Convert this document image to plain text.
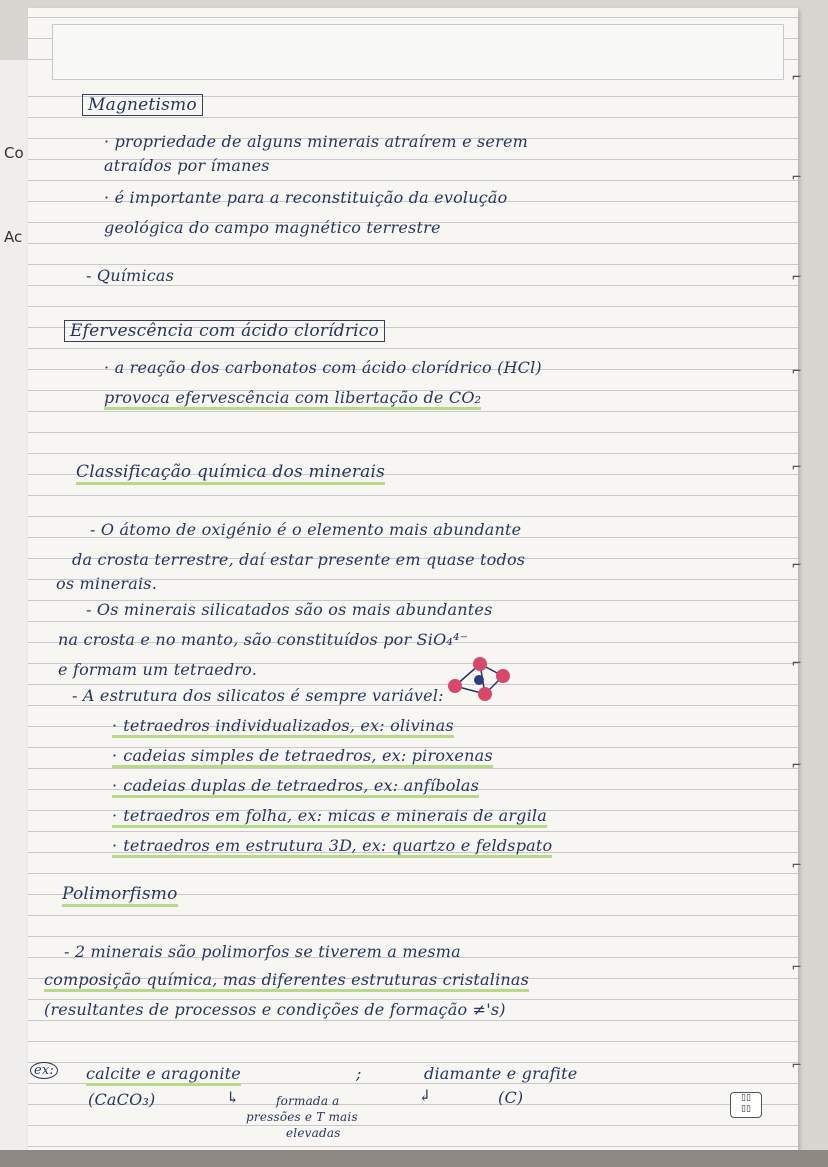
Co
Ac
⌐
⌐
⌐
⌐
⌐
⌐
⌐
⌐
⌐
⌐
⌐
Magnetismo
· propriedade de alguns minerais atraírem e serem
atraídos por ímanes
· é importante para a reconstituição da evolução
geológica do campo magnético terrestre
- Químicas
Efervescência com ácido clorídrico
· a reação dos carbonatos com ácido clorídrico (HCl)
provoca efervescência com libertação de CO₂
Classificação química dos minerais
- O átomo de oxigénio é o elemento mais abundante
da crosta terrestre, daí estar presente em quase todos
os minerais.
- Os minerais silicatados são os mais abundantes
na crosta e no manto, são constituídos por SiO₄⁴⁻
e formam um tetraedro.
- A estrutura dos silicatos é sempre variável:
· tetraedros individualizados, ex: olivinas
· cadeias simples de tetraedros, ex: piroxenas
· cadeias duplas de tetraedros, ex: anfíbolas
· tetraedros em folha, ex: micas e minerais de argila
· tetraedros em estrutura 3D, ex: quartzo e feldspato
Polimorfismo
- 2 minerais são polimorfos se tiverem a mesma
composição química, mas diferentes estruturas cristalinas
(resultantes de processos e condições de formação ≠'s)
ex: calcite e aragonite	;	diamante e grafite
(CaCO₃)	↳	formada a
pressões e T mais
elevadas
↲	(C)	▯▯
▯▯
